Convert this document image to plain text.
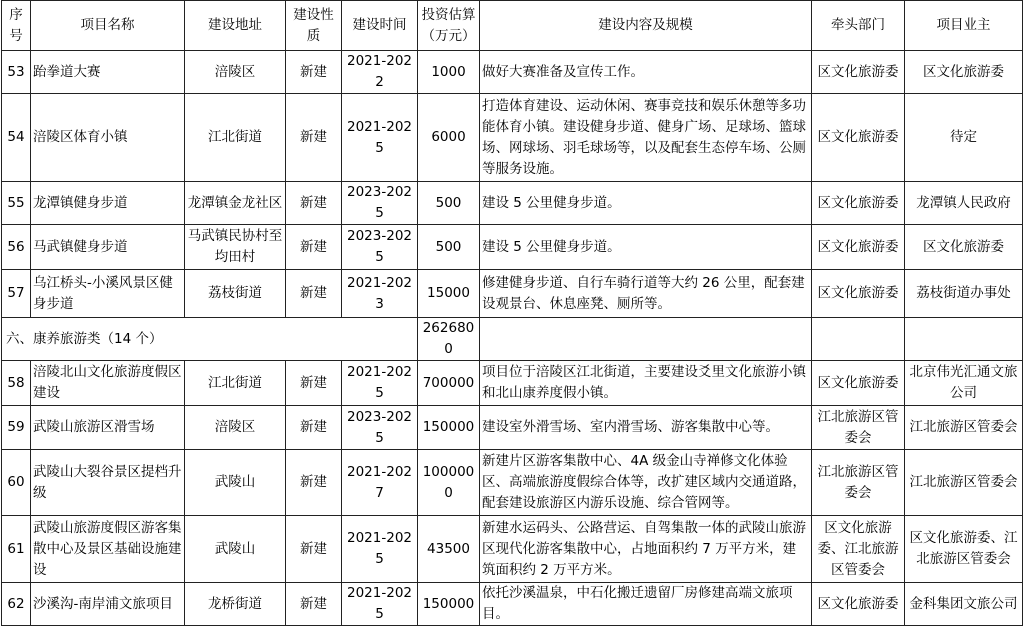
序号	项目名称	建设地址	建设性质	建设时间	投资估算（万元）	建设内容及规模	牵头部门	项目业主
53	跆拳道大赛	涪陵区	新建	2021-2022	1000	做好大赛准备及宣传工作。	区文化旅游委	区文化旅游委
54	涪陵区体育小镇	江北街道	新建	2021-2025	6000	打造体育建设、运动休闲、赛事竞技和娱乐休憩等多功能体育小镇。建设健身步道、健身广场、足球场、篮球场、网球场、羽毛球场等，以及配套生态停车场、公厕等服务设施。	区文化旅游委	待定
55	龙潭镇健身步道	龙潭镇金龙社区	新建	2023-2025	500	建设 5 公里健身步道。	区文化旅游委	龙潭镇人民政府
56	马武镇健身步道	马武镇民协村至均田村	新建	2023-2025	500	建设 5 公里健身步道。	区文化旅游委	区文化旅游委
57	乌江桥头-小溪风景区健身步道	荔枝街道	新建	2021-2023	15000	修建健身步道、自行车骑行道等大约 26 公里，配套建设观景台、休息座凳、厕所等。	区文化旅游委	荔枝街道办事处
六、康养旅游类（14 个）					2626800			
58	涪陵北山文化旅游度假区建设	江北街道	新建	2021-2025	700000	项目位于涪陵区江北街道，主要建设爻里文化旅游小镇和北山康养度假小镇。	区文化旅游委	北京伟光汇通文旅公司
59	武陵山旅游区滑雪场	涪陵区	新建	2023-2025	150000	建设室外滑雪场、室内滑雪场、游客集散中心等。	江北旅游区管委会	江北旅游区管委会
60	武陵山大裂谷景区提档升级	武陵山	新建	2021-2027	1000000	新建片区游客集散中心、4A 级金山寺禅修文化体验区、高端旅游度假综合体等，改扩建区域内交通道路，配套建设旅游区内游乐设施、综合管网等。	江北旅游区管委会	江北旅游区管委会
61	武陵山旅游度假区游客集散中心及景区基础设施建设	武陵山	新建	2021-2025	43500	新建水运码头、公路营运、自驾集散一体的武陵山旅游区现代化游客集散中心，占地面积约 7 万平方米，建筑面积约 2 万平方米。	区文化旅游委、江北旅游区管委会	区文化旅游委、江北旅游区管委会
62	沙溪沟-南岸浦文旅项目	龙桥街道	新建	2021-2025	150000	依托沙溪温泉，中石化搬迁遗留厂房修建高端文旅项目。	区文化旅游委	金科集团文旅公司
